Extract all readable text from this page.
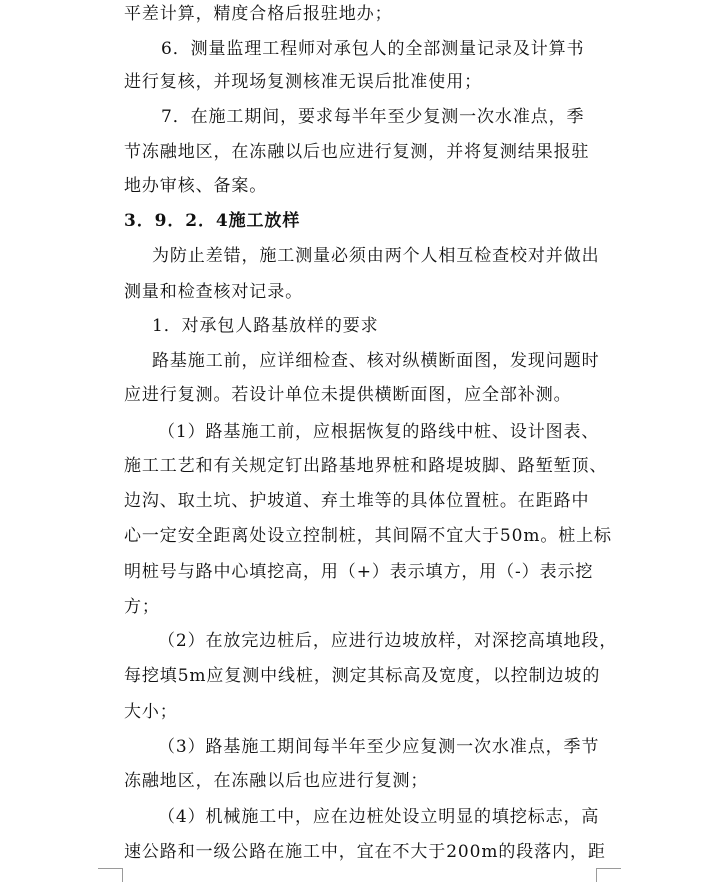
平差计算，精度合格后报驻地办；
6．测量监理工程师对承包人的全部测量记录及计算书
进行复核，并现场复测核准无误后批准使用；
7．在施工期间，要求每半年至少复测一次水准点，季
节冻融地区，在冻融以后也应进行复测，并将复测结果报驻
地办审核、备案。
3．9．2．4施工放样
为防止差错，施工测量必须由两个人相互检查校对并做出
测量和检查核对记录。
1．对承包人路基放样的要求
路基施工前，应详细检查、核对纵横断面图，发现问题时
应进行复测。若设计单位未提供横断面图，应全部补测。
（1）路基施工前，应根据恢复的路线中桩、设计图表、
施工工艺和有关规定钉出路基地界桩和路堤坡脚、路堑堑顶、
边沟、取土坑、护坡道、弃土堆等的具体位置桩。在距路中
心一定安全距离处设立控制桩，其间隔不宜大于50m。桩上标
明桩号与路中心填挖高，用（+）表示填方，用（-）表示挖
方；
（2）在放完边桩后，应进行边坡放样，对深挖高填地段，
每挖填5m应复测中线桩，测定其标高及宽度，以控制边坡的
大小；
（3）路基施工期间每半年至少应复测一次水准点，季节
冻融地区，在冻融以后也应进行复测；
（4）机械施工中，应在边桩处设立明显的填挖标志，高
速公路和一级公路在施工中，宜在不大于200m的段落内，距
